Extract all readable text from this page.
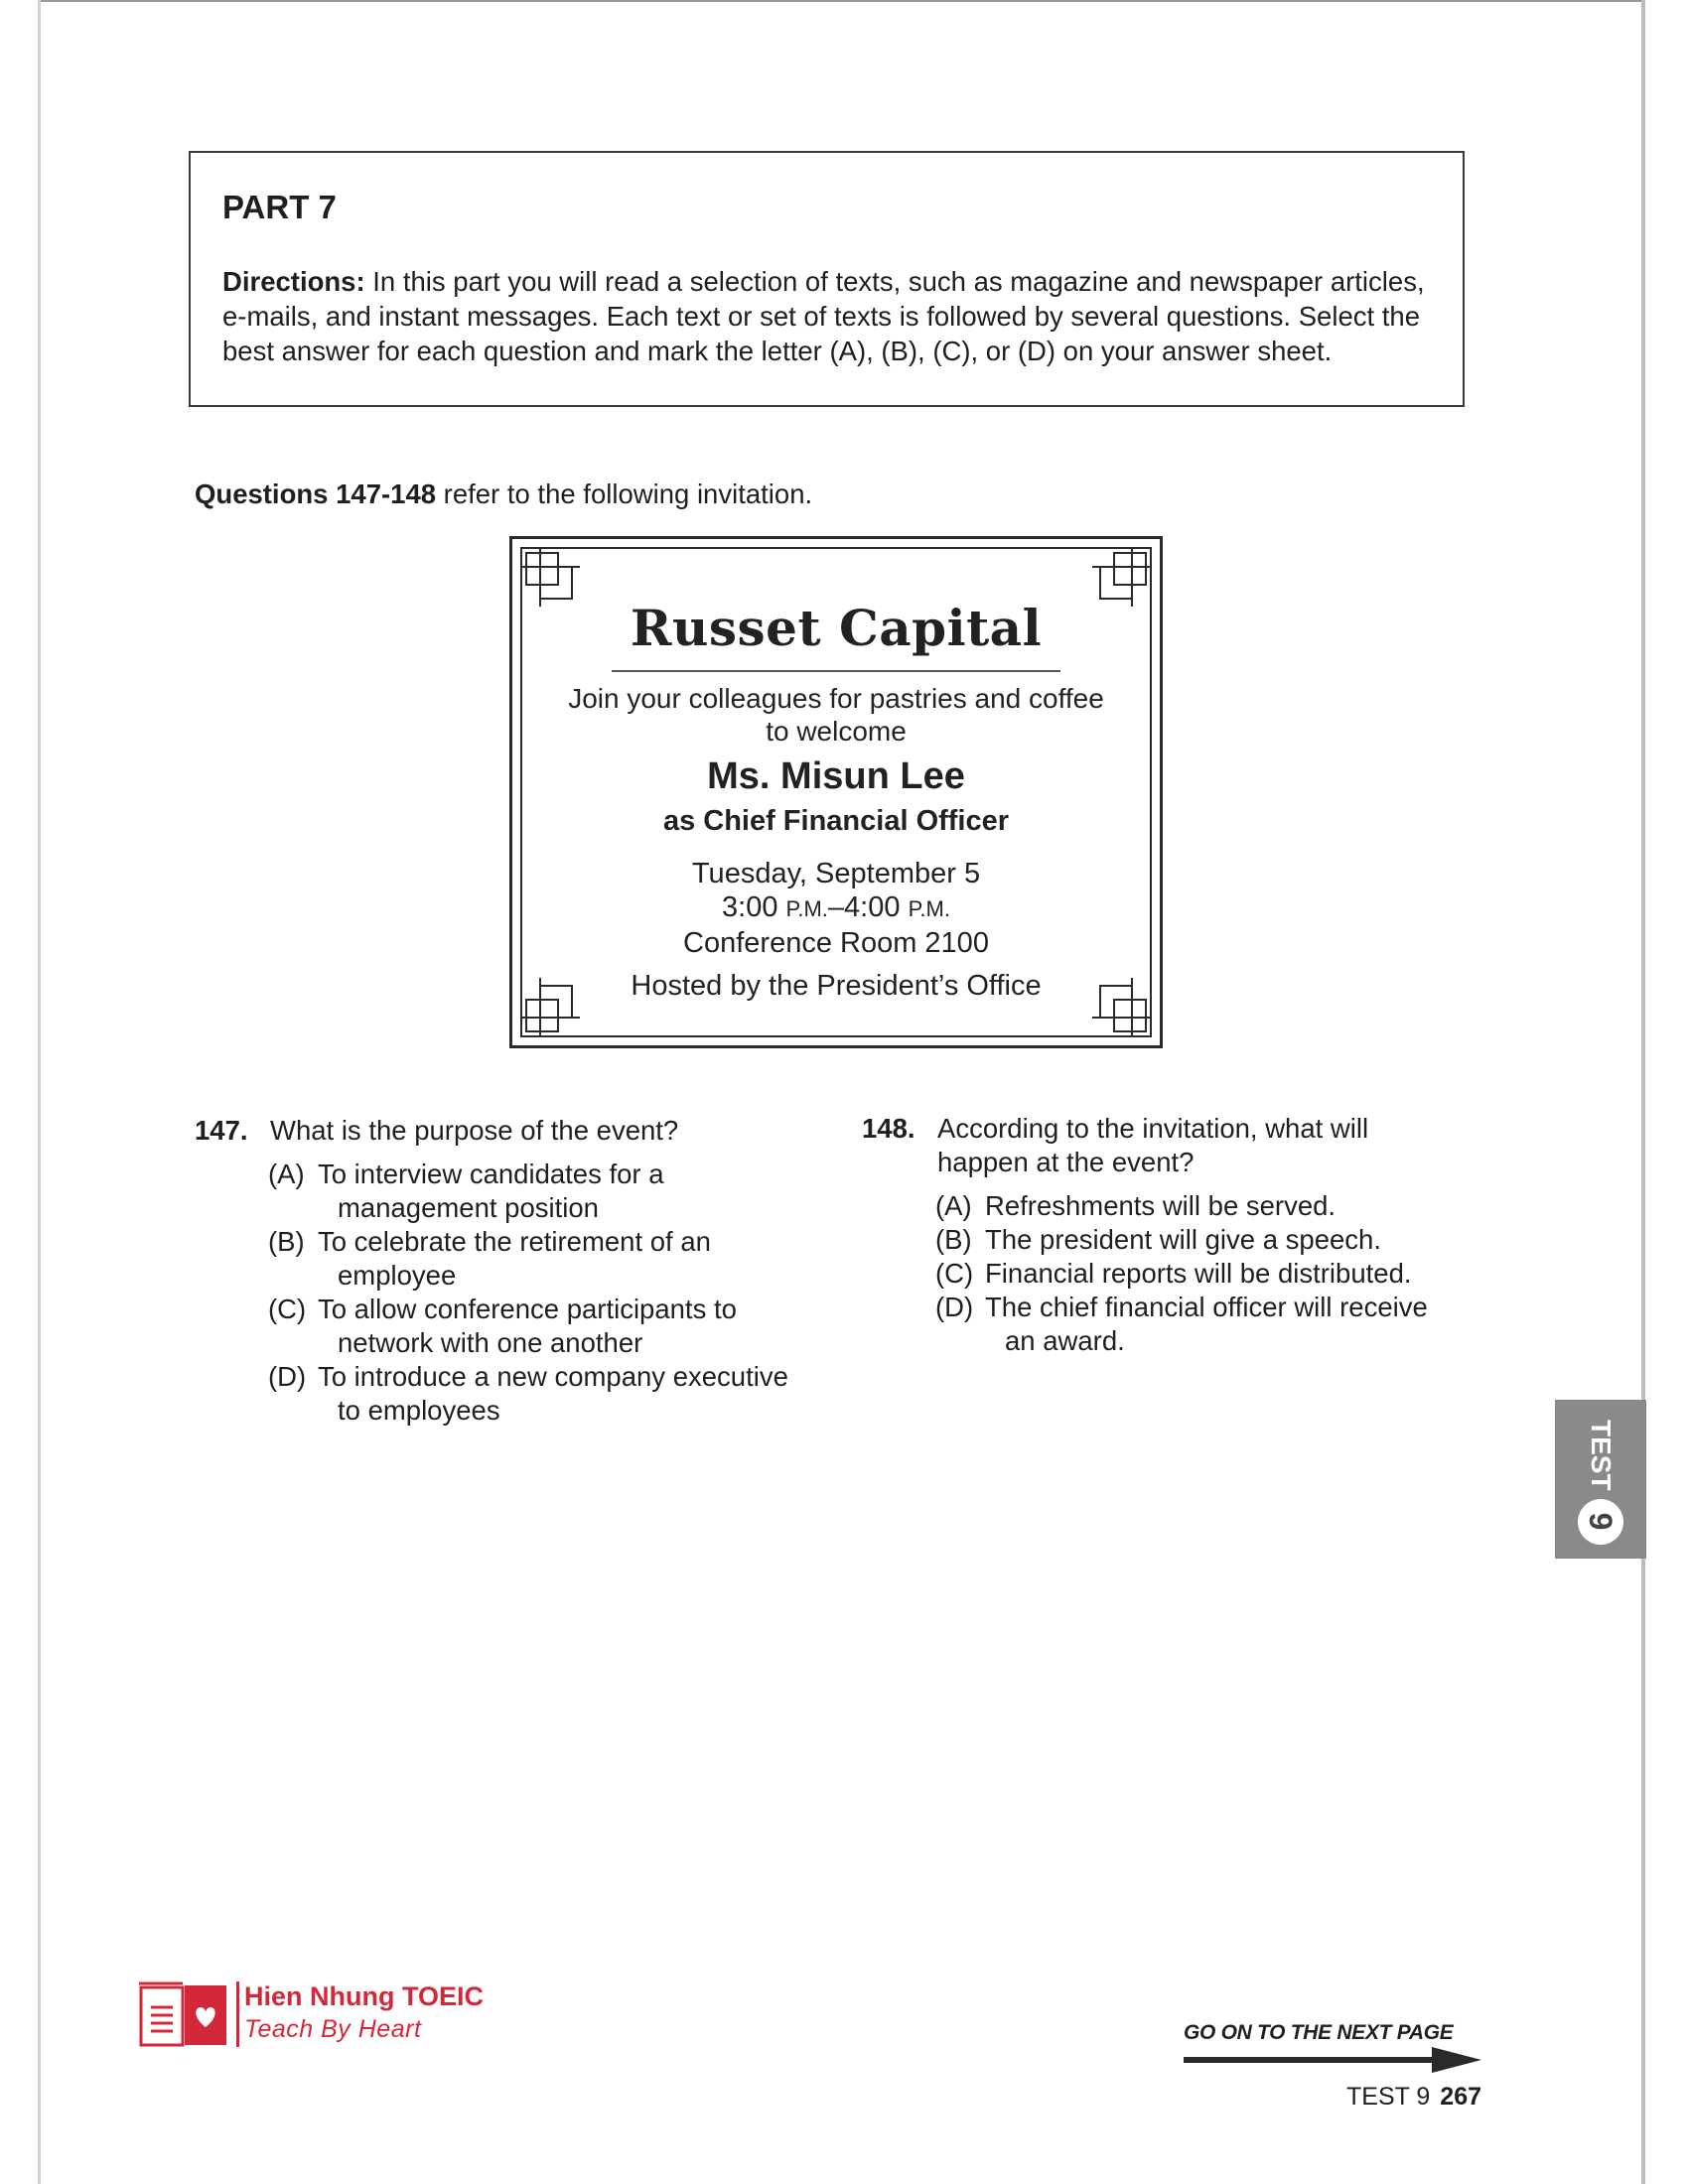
PART 7

Directions: In this part you will read a selection of texts, such as magazine and newspaper articles, e-mails, and instant messages. Each text or set of texts is followed by several questions. Select the best answer for each question and mark the letter (A), (B), (C), or (D) on your answer sheet.

Questions 147-148 refer to the following invitation.

Russet Capital

Join your colleagues for pastries and coffee
to welcome

Ms. Misun Lee

as Chief Financial Officer

Tuesday, September 5
3:00 P.M.–4:00 P.M.
Conference Room 2100

Hosted by the President’s Office

147. What is the purpose of the event?

(A) To interview candidates for a
management position
(B) To celebrate the retirement of an
employee
(C) To allow conference participants to
network with one another
(D) To introduce a new company executive
to employees
148. According to the invitation, what will
happen at the event?

(A) Refreshments will be served.
(B) The president will give a speech.
(C) Financial reports will be distributed.
(D) The chief financial officer will receive
an award.
TEST
9

Hien Nhung TOEIC

Teach By Heart	GO ON TO THE NEXT PAGE

TEST 9 267
